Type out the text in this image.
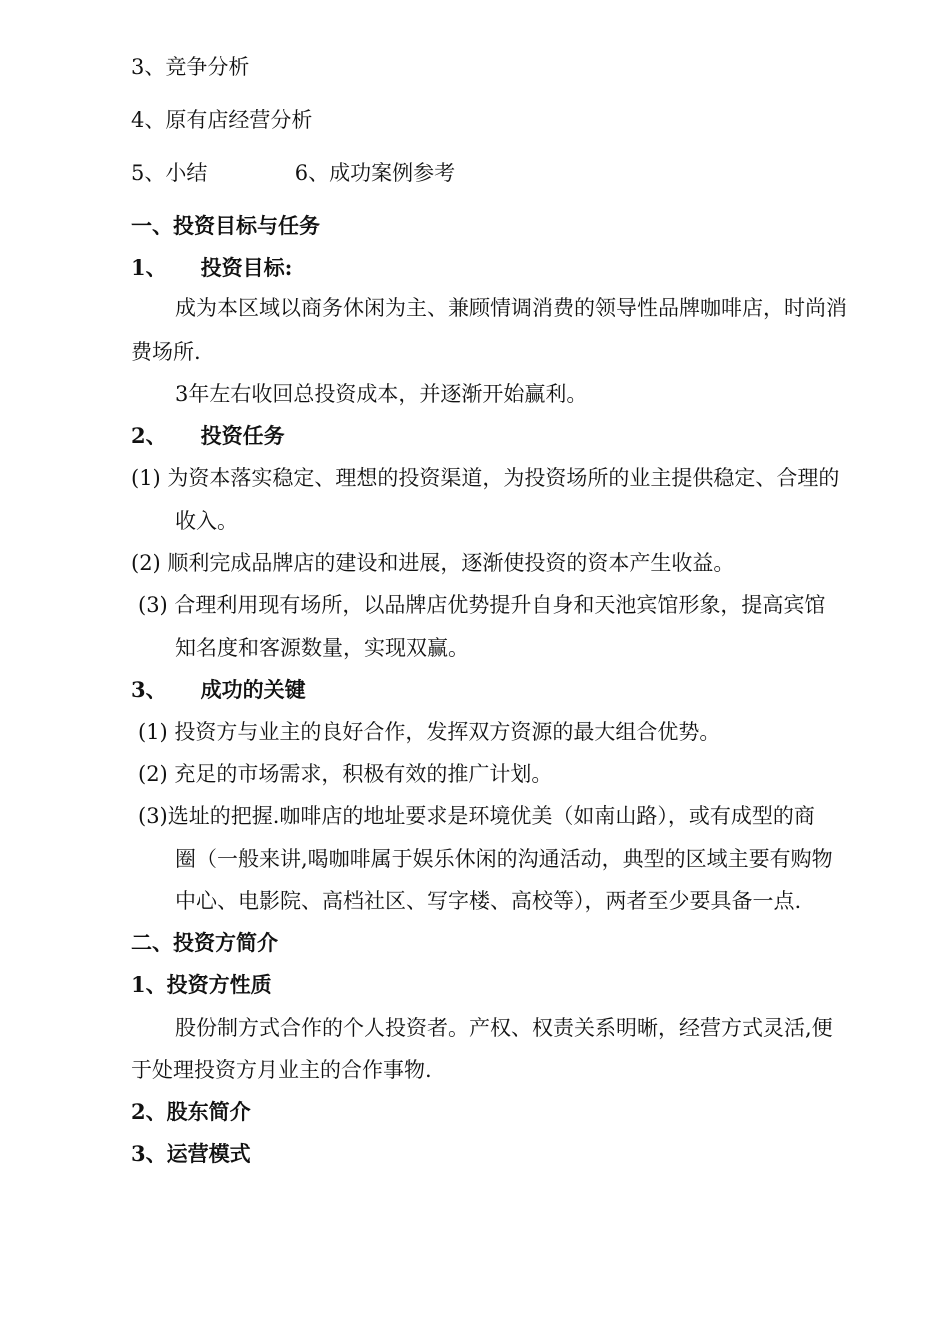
3、竞争分析
4、原有店经营分析
5、小结	6、成功案例参考
一、投资目标与任务
1、 投资目标:
成为本区域以商务休闲为主、兼顾情调消费的领导性品牌咖啡店，时尚消
费场所.
3年左右收回总投资成本，并逐渐开始赢利。
2、 投资任务
(1) 为资本落实稳定、理想的投资渠道，为投资场所的业主提供稳定、合理的
收入。
(2) 顺利完成品牌店的建设和进展，逐渐使投资的资本产生收益。
(3) 合理利用现有场所，以品牌店优势提升自身和天池宾馆形象，提高宾馆
知名度和客源数量，实现双赢。
3、 成功的关键
(1) 投资方与业主的良好合作，发挥双方资源的最大组合优势。
(2) 充足的市场需求，积极有效的推广计划。
(3)选址的把握.咖啡店的地址要求是环境优美（如南山路），或有成型的商
圈（一般来讲,喝咖啡属于娱乐休闲的沟通活动，典型的区域主要有购物
中心、电影院、高档社区、写字楼、高校等），两者至少要具备一点.
二、投资方简介
1、投资方性质
股份制方式合作的个人投资者。产权、权责关系明晰，经营方式灵活,便
于处理投资方月业主的合作事物.
2、股东简介
3、运营模式
